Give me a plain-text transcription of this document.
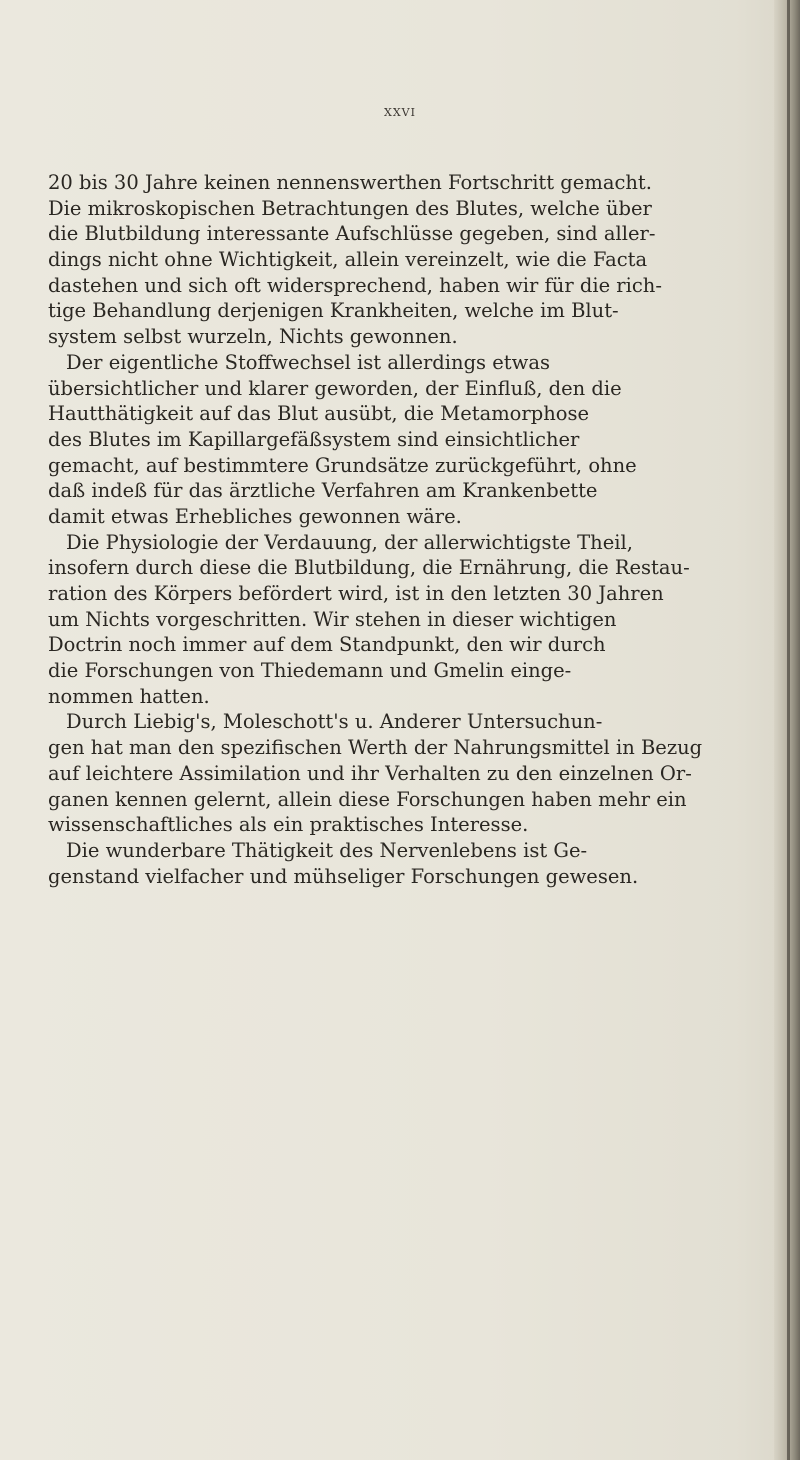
XXVI
20 bis 30 Jahre keinen nennenswerthen Fortschritt gemacht.
Die mikroskopischen Betrachtungen des Blutes, welche über
die Blutbildung interessante Aufschlüsse gegeben, sind aller-
dings nicht ohne Wichtigkeit, allein vereinzelt, wie die Facta
dastehen und sich oft widersprechend, haben wir für die rich-
tige Behandlung derjenigen Krankheiten, welche im Blut-
system selbst wurzeln, Nichts gewonnen.
Der eigentliche Stoffwechsel ist allerdings etwas
übersichtlicher und klarer geworden, der Einfluß, den die
Hautthätigkeit auf das Blut ausübt, die Metamorphose
des Blutes im Kapillargefäßsystem sind einsichtlicher
gemacht, auf bestimmtere Grundsätze zurückgeführt, ohne
daß indeß für das ärztliche Verfahren am Krankenbette
damit etwas Erhebliches gewonnen wäre.
Die Physiologie der Verdauung, der allerwichtigste Theil,
insofern durch diese die Blutbildung, die Ernährung, die Restau-
ration des Körpers befördert wird, ist in den letzten 30 Jahren
um Nichts vorgeschritten. Wir stehen in dieser wichtigen
Doctrin noch immer auf dem Standpunkt, den wir durch
die Forschungen von Thiedemann und Gmelin einge-
nommen hatten.
Durch Liebig's, Moleschott's u. Anderer Untersuchun-
gen hat man den spezifischen Werth der Nahrungsmittel in Bezug
auf leichtere Assimilation und ihr Verhalten zu den einzelnen Or-
ganen kennen gelernt, allein diese Forschungen haben mehr ein
wissenschaftliches als ein praktisches Interesse.
Die wunderbare Thätigkeit des Nervenlebens ist Ge-
genstand vielfacher und mühseliger Forschungen gewesen.
